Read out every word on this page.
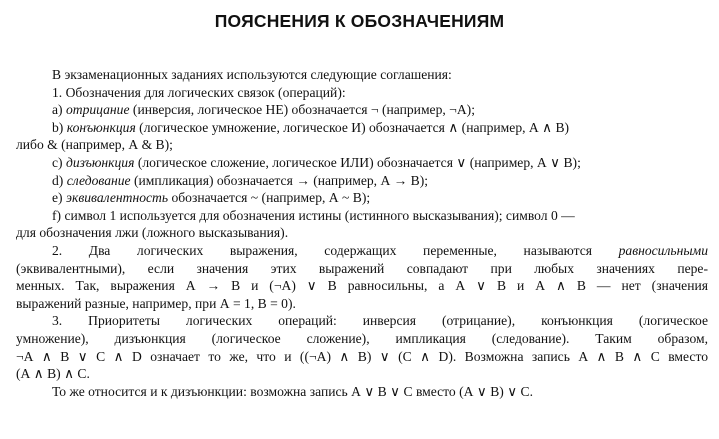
ПОЯСНЕНИЯ К ОБОЗНАЧЕНИЯМ
В экзаменационных заданиях используются следующие соглашения:
1. Обозначения для логических связок (операций):
a) отрицание (инверсия, логическое НЕ) обозначается ¬ (например, ¬А);
b) конъюнкция (логическое умножение, логическое И) обозначается ∧ (например, А ∧ В)
либо & (например, А & В);
c) дизъюнкция (логическое сложение, логическое ИЛИ) обозначается ∨ (например, А ∨ В);
d) следование (импликация) обозначается → (например, А → В);
e) эквивалентность обозначается ~ (например, А ~ В);
f) символ 1 используется для обозначения истины (истинного высказывания); символ 0 —
для обозначения лжи (ложного высказывания).
2. Два логических выражения, содержащих переменные, называются равносильными
(эквивалентными), если значения этих выражений совпадают при любых значениях пере-
менных. Так, выражения А → В и (¬А) ∨ В равносильны, а А ∨ В и А ∧ В — нет (значения
выражений разные, например, при А = 1, В = 0).
3. Приоритеты логических операций: инверсия (отрицание), конъюнкция (логическое
умножение), дизъюнкция (логическое сложение), импликация (следование). Таким образом,
¬А ∧ В ∨ С ∧ D означает то же, что и ((¬А) ∧ В) ∨ (С ∧ D). Возможна запись А ∧ В ∧ С вместо
(А ∧ В) ∧ С.
То же относится и к дизъюнкции: возможна запись А ∨ В ∨ С вместо (А ∨ В) ∨ С.
